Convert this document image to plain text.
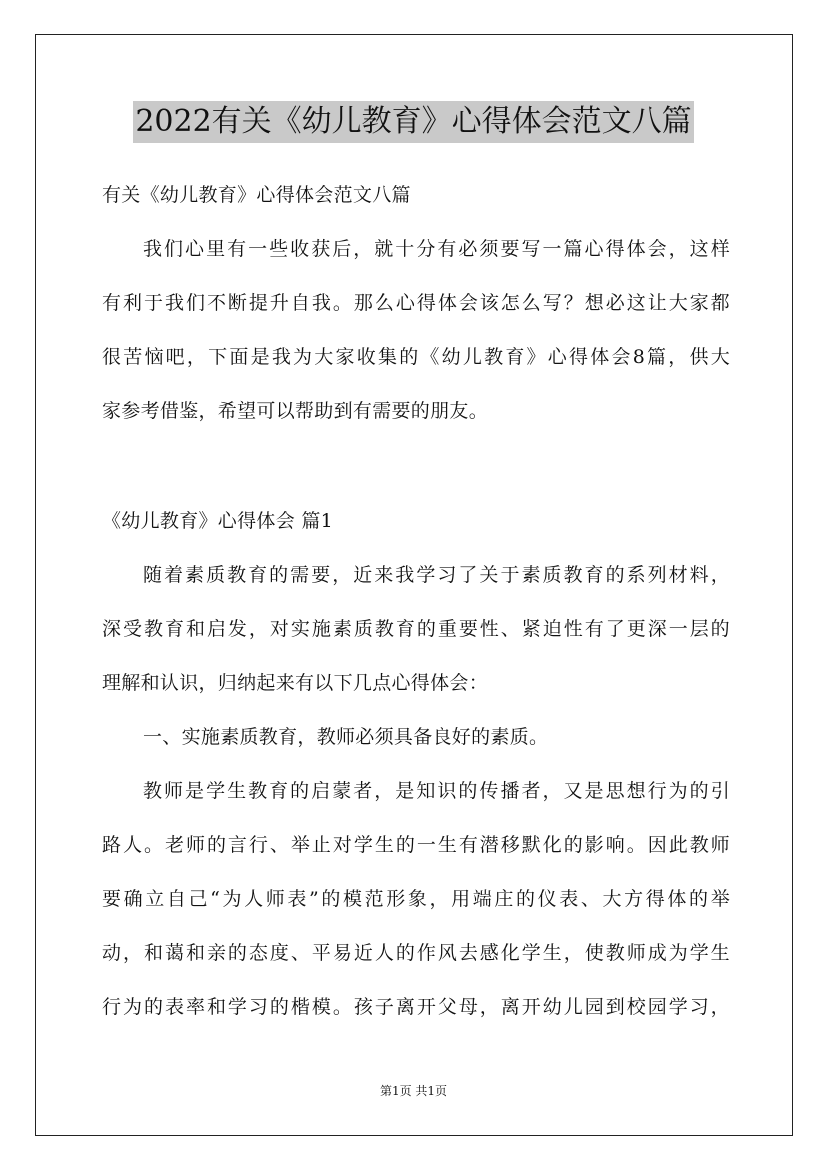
2022有关《幼儿教育》心得体会范文八篇
有关《幼儿教育》心得体会范文八篇
我们心里有一些收获后，就十分有必须要写一篇心得体会，这样
有利于我们不断提升自我。那么心得体会该怎么写？想必这让大家都
很苦恼吧，下面是我为大家收集的《幼儿教育》心得体会8篇，供大
家参考借鉴，希望可以帮助到有需要的朋友。
《幼儿教育》心得体会 篇1
随着素质教育的需要，近来我学习了关于素质教育的系列材料，
深受教育和启发，对实施素质教育的重要性、紧迫性有了更深一层的
理解和认识，归纳起来有以下几点心得体会：
一、实施素质教育，教师必须具备良好的素质。
教师是学生教育的启蒙者，是知识的传播者，又是思想行为的引
路人。老师的言行、举止对学生的一生有潜移默化的影响。因此教师
要确立自己“为人师表”的模范形象，用端庄的仪表、大方得体的举
动，和蔼和亲的态度、平易近人的作风去感化学生，使教师成为学生
行为的表率和学习的楷模。孩子离开父母，离开幼儿园到校园学习，
第1页 共1页
